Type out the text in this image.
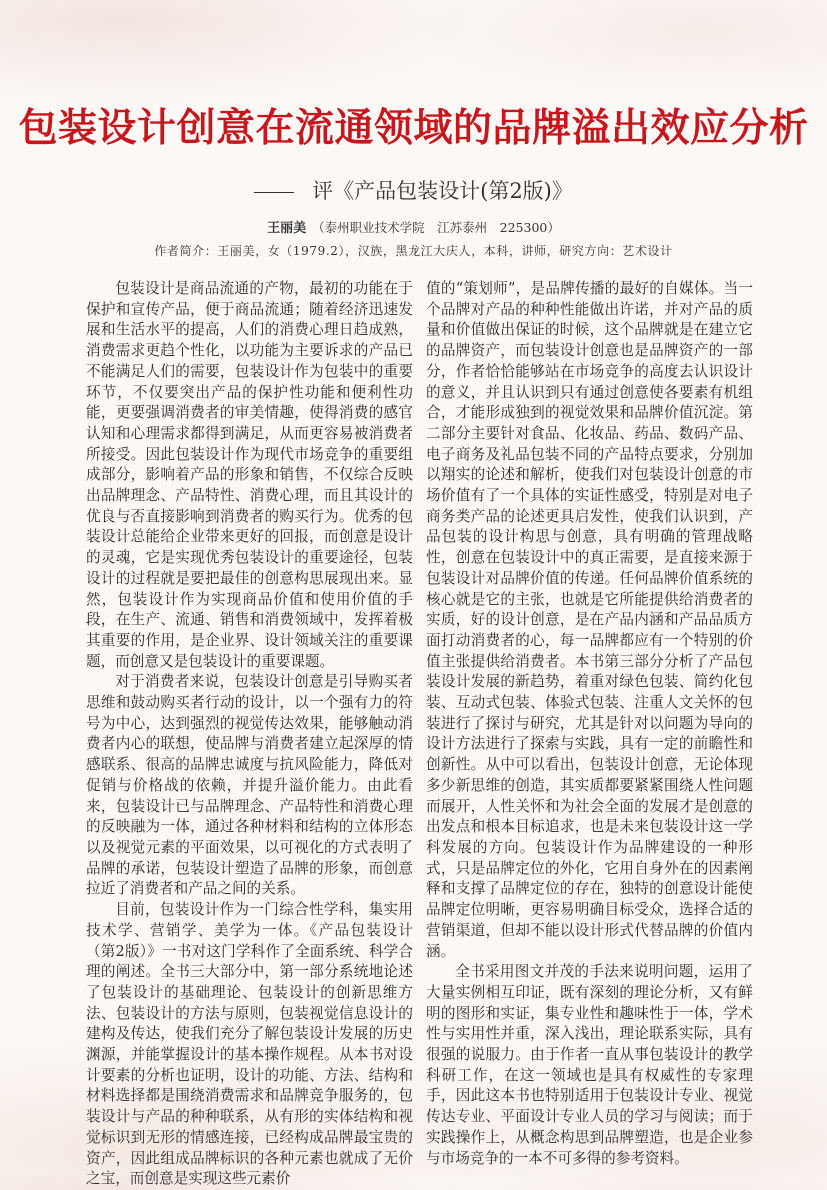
包装设计创意在流通领域的品牌溢出效应分析
评《产品包装设计(第2版)》
王丽美 （泰州职业技术学院　江苏泰州　225300）
作者简介：王丽美，女（1979.2），汉族，黑龙江大庆人，本科，讲师，研究方向：艺术设计

包装设计是商品流通的产物，最初的功能在于保护和宣传产品，便于商品流通；随着经济迅速发展和生活水平的提高，人们的消费心理日趋成熟，消费需求更趋个性化，以功能为主要诉求的产品已不能满足人们的需要，包装设计作为包装中的重要环节，不仅要突出产品的保护性功能和便利性功能，更要强调消费者的审美情趣，使得消费的感官认知和心理需求都得到满足，从而更容易被消费者所接受。因此包装设计作为现代市场竞争的重要组成部分，影响着产品的形象和销售，不仅综合反映出品牌理念、产品特性、消费心理，而且其设计的优良与否直接影响到消费者的购买行为。优秀的包装设计总能给企业带来更好的回报，而创意是设计的灵魂，它是实现优秀包装设计的重要途径，包装设计的过程就是要把最佳的创意构思展现出来。显然，包装设计作为实现商品价值和使用价值的手段，在生产、流通、销售和消费领域中，发挥着极其重要的作用，是企业界、设计领域关注的重要课题，而创意又是包装设计的重要课题。

对于消费者来说，包装设计创意是引导购买者思维和鼓动购买者行动的设计，以一个强有力的符号为中心，达到强烈的视觉传达效果，能够触动消费者内心的联想，使品牌与消费者建立起深厚的情感联系、很高的品牌忠诚度与抗风险能力，降低对促销与价格战的依赖，并提升溢价能力。由此看来，包装设计已与品牌理念、产品特性和消费心理的反映融为一体，通过各种材料和结构的立体形态以及视觉元素的平面效果，以可视化的方式表明了品牌的承诺，包装设计塑造了品牌的形象，而创意拉近了消费者和产品之间的关系。

目前，包装设计作为一门综合性学科，集实用技术学、营销学、美学为一体。《产品包装设计（第2版）》一书对这门学科作了全面系统、科学合理的阐述。全书三大部分中，第一部分系统地论述了包装设计的基础理论、包装设计的创新思维方法、包装设计的方法与原则，包装视觉信息设计的建构及传达，使我们充分了解包装设计发展的历史渊源，并能掌握设计的基本操作规程。从本书对设计要素的分析也证明，设计的功能、方法、结构和材料选择都是围绕消费需求和品牌竞争服务的，包装设计与产品的种种联系，从有形的实体结构和视觉标识到无形的情感连接，已经构成品牌最宝贵的资产，因此组成品牌标识的各种元素也就成了无价之宝，而创意是实现这些元素价

值的“策划师”，是品牌传播的最好的自媒体。当一个品牌对产品的种种性能做出许诺，并对产品的质量和价值做出保证的时候，这个品牌就是在建立它的品牌资产，而包装设计创意也是品牌资产的一部分，作者恰恰能够站在市场竞争的高度去认识设计的意义，并且认识到只有通过创意使各要素有机组合，才能形成独到的视觉效果和品牌价值沉淀。第二部分主要针对食品、化妆品、药品、数码产品、电子商务及礼品包装不同的产品特点要求，分别加以翔实的论述和解析，使我们对包装设计创意的市场价值有了一个具体的实证性感受，特别是对电子商务类产品的论述更具启发性，使我们认识到，产品包装的设计构思与创意，具有明确的管理战略性，创意在包装设计中的真正需要，是直接来源于包装设计对品牌价值的传递。任何品牌价值系统的核心就是它的主张，也就是它所能提供给消费者的实质，好的设计创意，是在产品内涵和产品品质方面打动消费者的心，每一品牌都应有一个特别的价值主张提供给消费者。本书第三部分分析了产品包装设计发展的新趋势，着重对绿色包装、简约化包装、互动式包装、体验式包装、注重人文关怀的包装进行了探讨与研究，尤其是针对以问题为导向的设计方法进行了探索与实践，具有一定的前瞻性和创新性。从中可以看出，包装设计创意，无论体现多少新思维的创造，其实质都要紧紧围绕人性问题而展开，人性关怀和为社会全面的发展才是创意的出发点和根本目标追求，也是未来包装设计这一学科发展的方向。包装设计作为品牌建设的一种形式，只是品牌定位的外化，它用自身外在的因素阐释和支撑了品牌定位的存在，独特的创意设计能使品牌定位明晰，更容易明确目标受众，选择合适的营销渠道，但却不能以设计形式代替品牌的价值内涵。

全书采用图文并茂的手法来说明问题，运用了大量实例相互印证，既有深刻的理论分析，又有鲜明的图形和实证，集专业性和趣味性于一体，学术性与实用性并重，深入浅出，理论联系实际，具有很强的说服力。由于作者一直从事包装设计的教学科研工作，在这一领域也是具有权威性的专家理手，因此这本书也特别适用于包装设计专业、视觉传达专业、平面设计专业人员的学习与阅读；而于实践操作上，从概念构思到品牌塑造，也是企业参与市场竞争的一本不可多得的参考资料。
